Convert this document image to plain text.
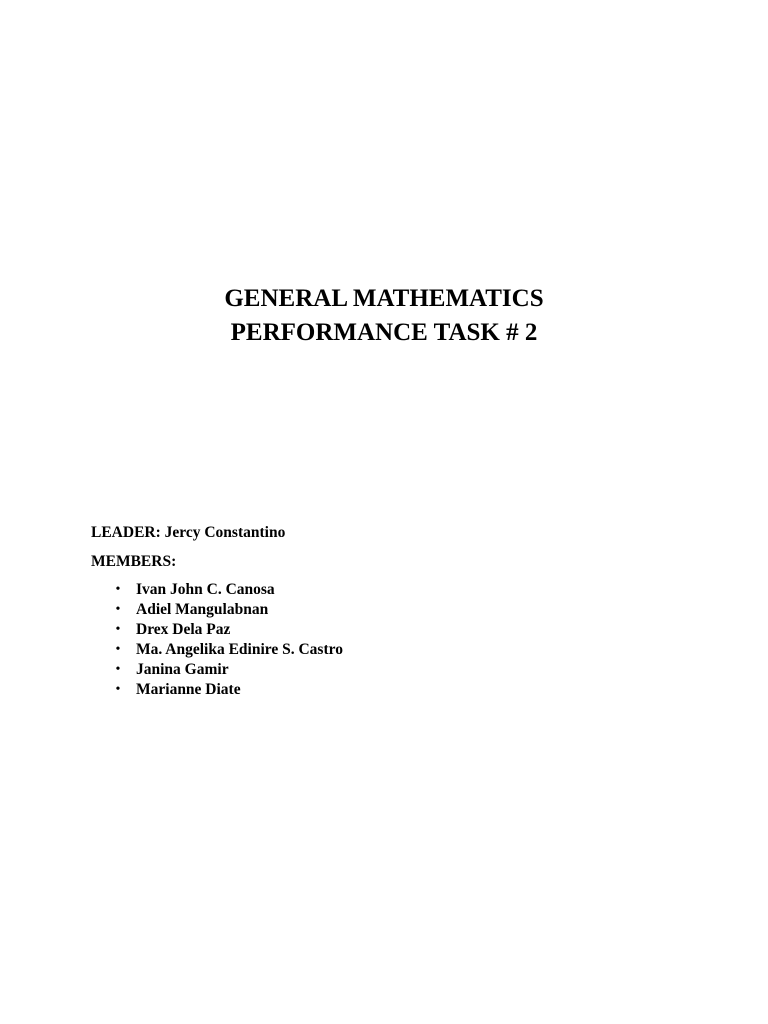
GENERAL MATHEMATICS
PERFORMANCE TASK # 2
LEADER: Jercy Constantino
MEMBERS:
• Ivan John C. Canosa
• Adiel Mangulabnan
• Drex Dela Paz
• Ma. Angelika Edinire S. Castro
• Janina Gamir
• Marianne Diate
